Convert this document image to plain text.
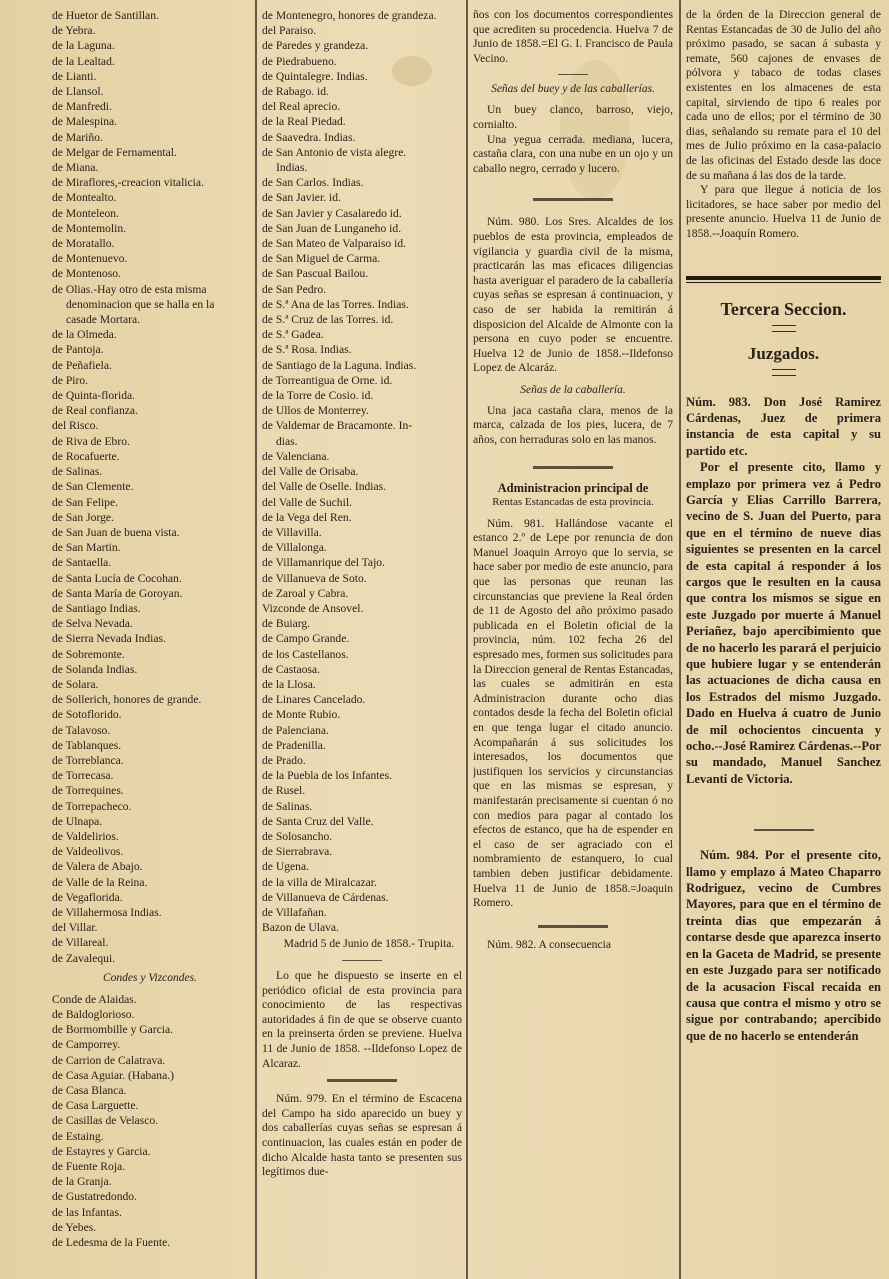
de Huetor de Santillan.
de Yebra.
de la Laguna.
de la Lealtad.
de Lianti.
de Llansol.
de Manfredi.
de Malespina.
de Mariño.
de Melgar de Fernamental.
de Miana.
de Miraflores,-creacion vitalicia.
de Montealto.
de Monteleon.
de Montemolin.
de Moratallo.
de Montenuevo.
de Montenoso.
de Olias.-Hay otro de esta misma
denominacion que se halla en la
casade Mortara.
de la Olmeda.
de Pantoja.
de Peñafiela.
de Piro.
de Quinta-florida.
de Real confianza.
del Risco.
de Riva de Ebro.
de Rocafuerte.
de Salinas.
de San Clemente.
de San Felipe.
de San Jorge.
de San Juan de buena vista.
de San Martin.
de Santaella.
de Santa Lucía de Cocohan.
de Santa María de Goroyan.
de Santiago Indias.
de Selva Nevada.
de Sierra Nevada Indias.
de Sobremonte.
de Solanda Indias.
de Solara.
de Sollerich, honores de grande.
de Sotoflorido.
de Talavoso.
de Tablanques.
de Torreblanca.
de Torrecasa.
de Torrequines.
de Torrepacheco.
de Ulnapa.
de Valdelirios.
de Valdeolivos.
de Valera de Abajo.
de Valle de la Reina.
de Vegaflorida.
de Villahermosa Indias.
del Villar.
de Villareal.
de Zavalequi.
Condes y Vizcondes.
Conde de Alaidas.
de Baldoglorioso.
de Bormombille y Garcia.
de Camporrey.
de Carrion de Calatrava.
de Casa Aguiar. (Habana.)
de Casa Blanca.
de Casa Larguette.
de Casillas de Velasco.
de Estaing.
de Estayres y Garcia.
de Fuente Roja.
de la Granja.
de Gustatredondo.
de las Infantas.
de Yebes.
de Ledesma de la Fuente.
de Montenegro, honores de grandeza.
del Paraiso.
de Paredes y grandeza.
de Piedrabueno.
de Quintalegre. Indias.
de Rabago. id.
del Real aprecio.
de la Real Piedad.
de Saavedra. Indias.
de San Antonio de vista alegre.
Indias.
de San Carlos. Indias.
de San Javier. id.
de San Javier y Casalaredo id.
de San Juan de Lunganeho id.
de San Mateo de Valparaiso id.
de San Miguel de Carma.
de San Pascual Bailou.
de San Pedro.
de S.ª Ana de las Torres. Indias.
de S.ª Cruz de las Torres. id.
de S.ª Gadea.
de S.ª Rosa. Indias.
de Santiago de la Laguna. Indias.
de Torreantigua de Orne. id.
de la Torre de Cosio. id.
de Ullos de Monterrey.
de Valdemar de Bracamonte. In-
dias.
de Valenciana.
del Valle de Orisaba.
del Valle de Oselle. Indias.
del Valle de Suchil.
de la Vega del Ren.
de Villavilla.
de Villalonga.
de Villamanrique del Tajo.
de Villanueva de Soto.
de Zaroal y Cabra.
Vizconde de Ansovel.
de Buiarg.
de Campo Grande.
de los Castellanos.
de Castaosa.
de la Llosa.
de Linares Cancelado.
de Monte Rubio.
de Palenciana.
de Pradenilla.
de Prado.
de la Puebla de los Infantes.
de Rusel.
de Salinas.
de Santa Cruz del Valle.
de Solosancho.
de Sierrabrava.
de Ugena.
de la villa de Miralcazar.
de Villanueva de Cárdenas.
de Villafañan.
Bazon de Ulava.

Madrid 5 de Junio de 1858.- Trupita.

Lo que he dispuesto se inserte en el periódico oficial de esta provincia para conocimiento de las respectivas autoridades á fin de que se observe cuanto en la preinserta órden se previene. Huelva 11 de Junio de 1858. --Ildefonso Lopez de Alcaraz.

Núm. 979. En el término de Escacena del Campo ha sido aparecido un buey y dos caballerías cuyas señas se espresan á continuacion, las cuales están en poder de dicho Alcalde hasta tanto se presenten sus legítimos due-

ños con los documentos correspondientes que acrediten su procedencia. Huelva 7 de Junio de 1858.=El G. I. Francisco de Paula Vecino.

Señas del buey y de las caballerías.

Un buey clanco, barroso, viejo, cornialto.

Una yegua cerrada. mediana, lucera, castaña clara, con una nube en un ojo y un caballo negro, cerrado y lucero.

Núm. 980. Los Sres. Alcaldes de los pueblos de esta provincia, empleados de vigilancia y guardia civil de la misma, practicarán las mas eficaces diligencias hasta averiguar el paradero de la caballería cuyas señas se espresan á continuacion, y caso de ser habida la remitirán á disposicion del Alcalde de Almonte con la persona en cuyo poder se encuentre. Huelva 12 de Junio de 1858.--Ildefonso Lopez de Alcaráz.

Señas de la caballería.

Una jaca castaña clara, menos de la marca, calzada de los pies, lucera, de 7 años, con herraduras solo en las manos.

Administracion principal de
Rentas Estancadas de esta provincia.

Núm. 981. Hallándose vacante el estanco 2.º de Lepe por renuncia de don Manuel Joaquin Arroyo que lo servia, se hace saber por medio de este anuncio, para que las personas que reunan las circunstancias que previene la Real órden de 11 de Agosto del año próximo pasado publicada en el Boletin oficial de la provincia, núm. 102 fecha 26 del espresado mes, formen sus solicitudes para la Direccion general de Rentas Estancadas, las cuales se admitirán en esta Administracion durante ocho dias contados desde la fecha del Boletin oficial en que tenga lugar el citado anuncio. Acompañarán á sus solicitudes los interesados, los documentos que justifiquen los servicios y circunstancias que en las mismas se espresan, y manifestarán precisamente si cuentan ó no con medios para pagar al contado los efectos de estanco, que ha de espender en el caso de ser agraciado con el nombramiento de estanquero, lo cual tambien deben justificar debidamente. Huelva 11 de Junio de 1858.=Joaquin Romero.

Núm. 982. A consecuencia

de la órden de la Direccion general de Rentas Estancadas de 30 de Julio del año próximo pasado, se sacan á subasta y remate, 560 cajones de envases de pólvora y tabaco de todas clases existentes en los almacenes de esta capital, sirviendo de tipo 6 reales por cada uno de ellos; por el término de 30 dias, señalando su remate para el 10 del mes de Julio próximo en la casa-palacio de las oficinas del Estado desde las doce de su mañana á las dos de la tarde.

Y para que llegue á noticia de los licitadores, se hace saber por medio del presente anuncio. Huelva 11 de Junio de 1858.--Joaquín Romero.

Tercera Seccion.
Juzgados.

Núm. 983. Don José Ramirez Cárdenas, Juez de primera instancia de esta capital y su partido etc.

Por el presente cito, llamo y emplazo por primera vez á Pedro García y Elias Carrillo Barrera, vecino de S. Juan del Puerto, para que en el término de nueve dias siguientes se presenten en la carcel de esta capital á responder á los cargos que le resulten en la causa que contra los mismos se sigue en este Juzgado por muerte á Manuel Periañez, bajo apercibimiento que de no hacerlo les parará el perjuicio que hubiere lugar y se entenderán las actuaciones de dicha causa en los Estrados del mismo Juzgado. Dado en Huelva á cuatro de Junio de mil ochocientos cincuenta y ocho.--José Ramirez Cárdenas.--Por su mandado, Manuel Sanchez Levanti de Victoria.

Núm. 984. Por el presente cito, llamo y emplazo á Mateo Chaparro Rodriguez, vecino de Cumbres Mayores, para que en el término de treinta dias que empezarán á contarse desde que aparezca inserto en la Gaceta de Madrid, se presente en este Juzgado para ser notificado de la acusacion Fiscal recaida en causa que contra el mismo y otro se sigue por contrabando; apercibido que de no hacerlo se entenderán
